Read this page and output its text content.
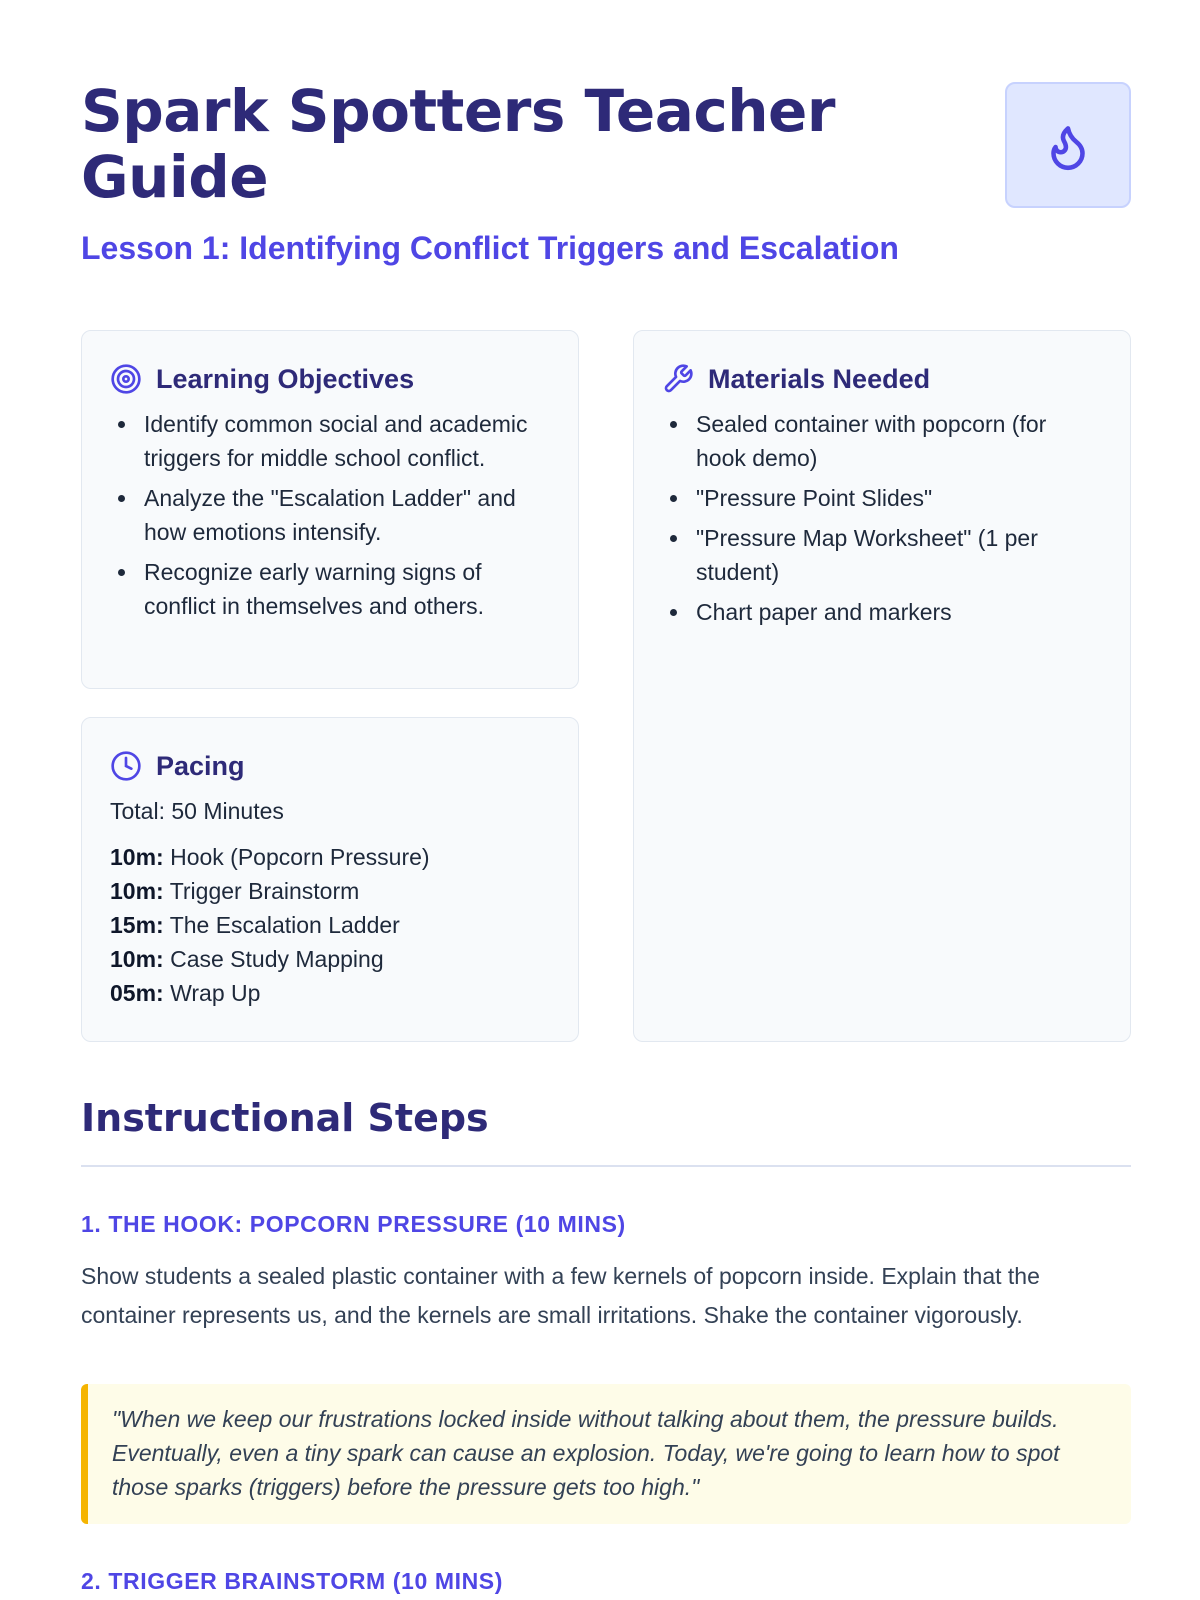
Spark Spotters Teacher Guide
Lesson 1: Identifying Conflict Triggers and Escalation
Learning Objectives
Identify common social and academic triggers for middle school conflict.
Analyze the "Escalation Ladder" and how emotions intensify.
Recognize early warning signs of conflict in themselves and others.
Pacing
Total: 50 Minutes
10m: Hook (Popcorn Pressure)
10m: Trigger Brainstorm
15m: The Escalation Ladder
10m: Case Study Mapping
05m: Wrap Up
Materials Needed
Sealed container with popcorn (for hook demo)
"Pressure Point Slides"
"Pressure Map Worksheet" (1 per student)
Chart paper and markers
Instructional Steps
1. THE HOOK: POPCORN PRESSURE (10 MINS)

Show students a sealed plastic container with a few kernels of popcorn inside. Explain that the container represents us, and the kernels are small irritations. Shake the container vigorously.

"When we keep our frustrations locked inside without talking about them, the pressure builds. Eventually, even a tiny spark can cause an explosion. Today, we're going to learn how to spot those sparks (triggers) before the pressure gets too high."
2. TRIGGER BRAINSTORM (10 MINS)
